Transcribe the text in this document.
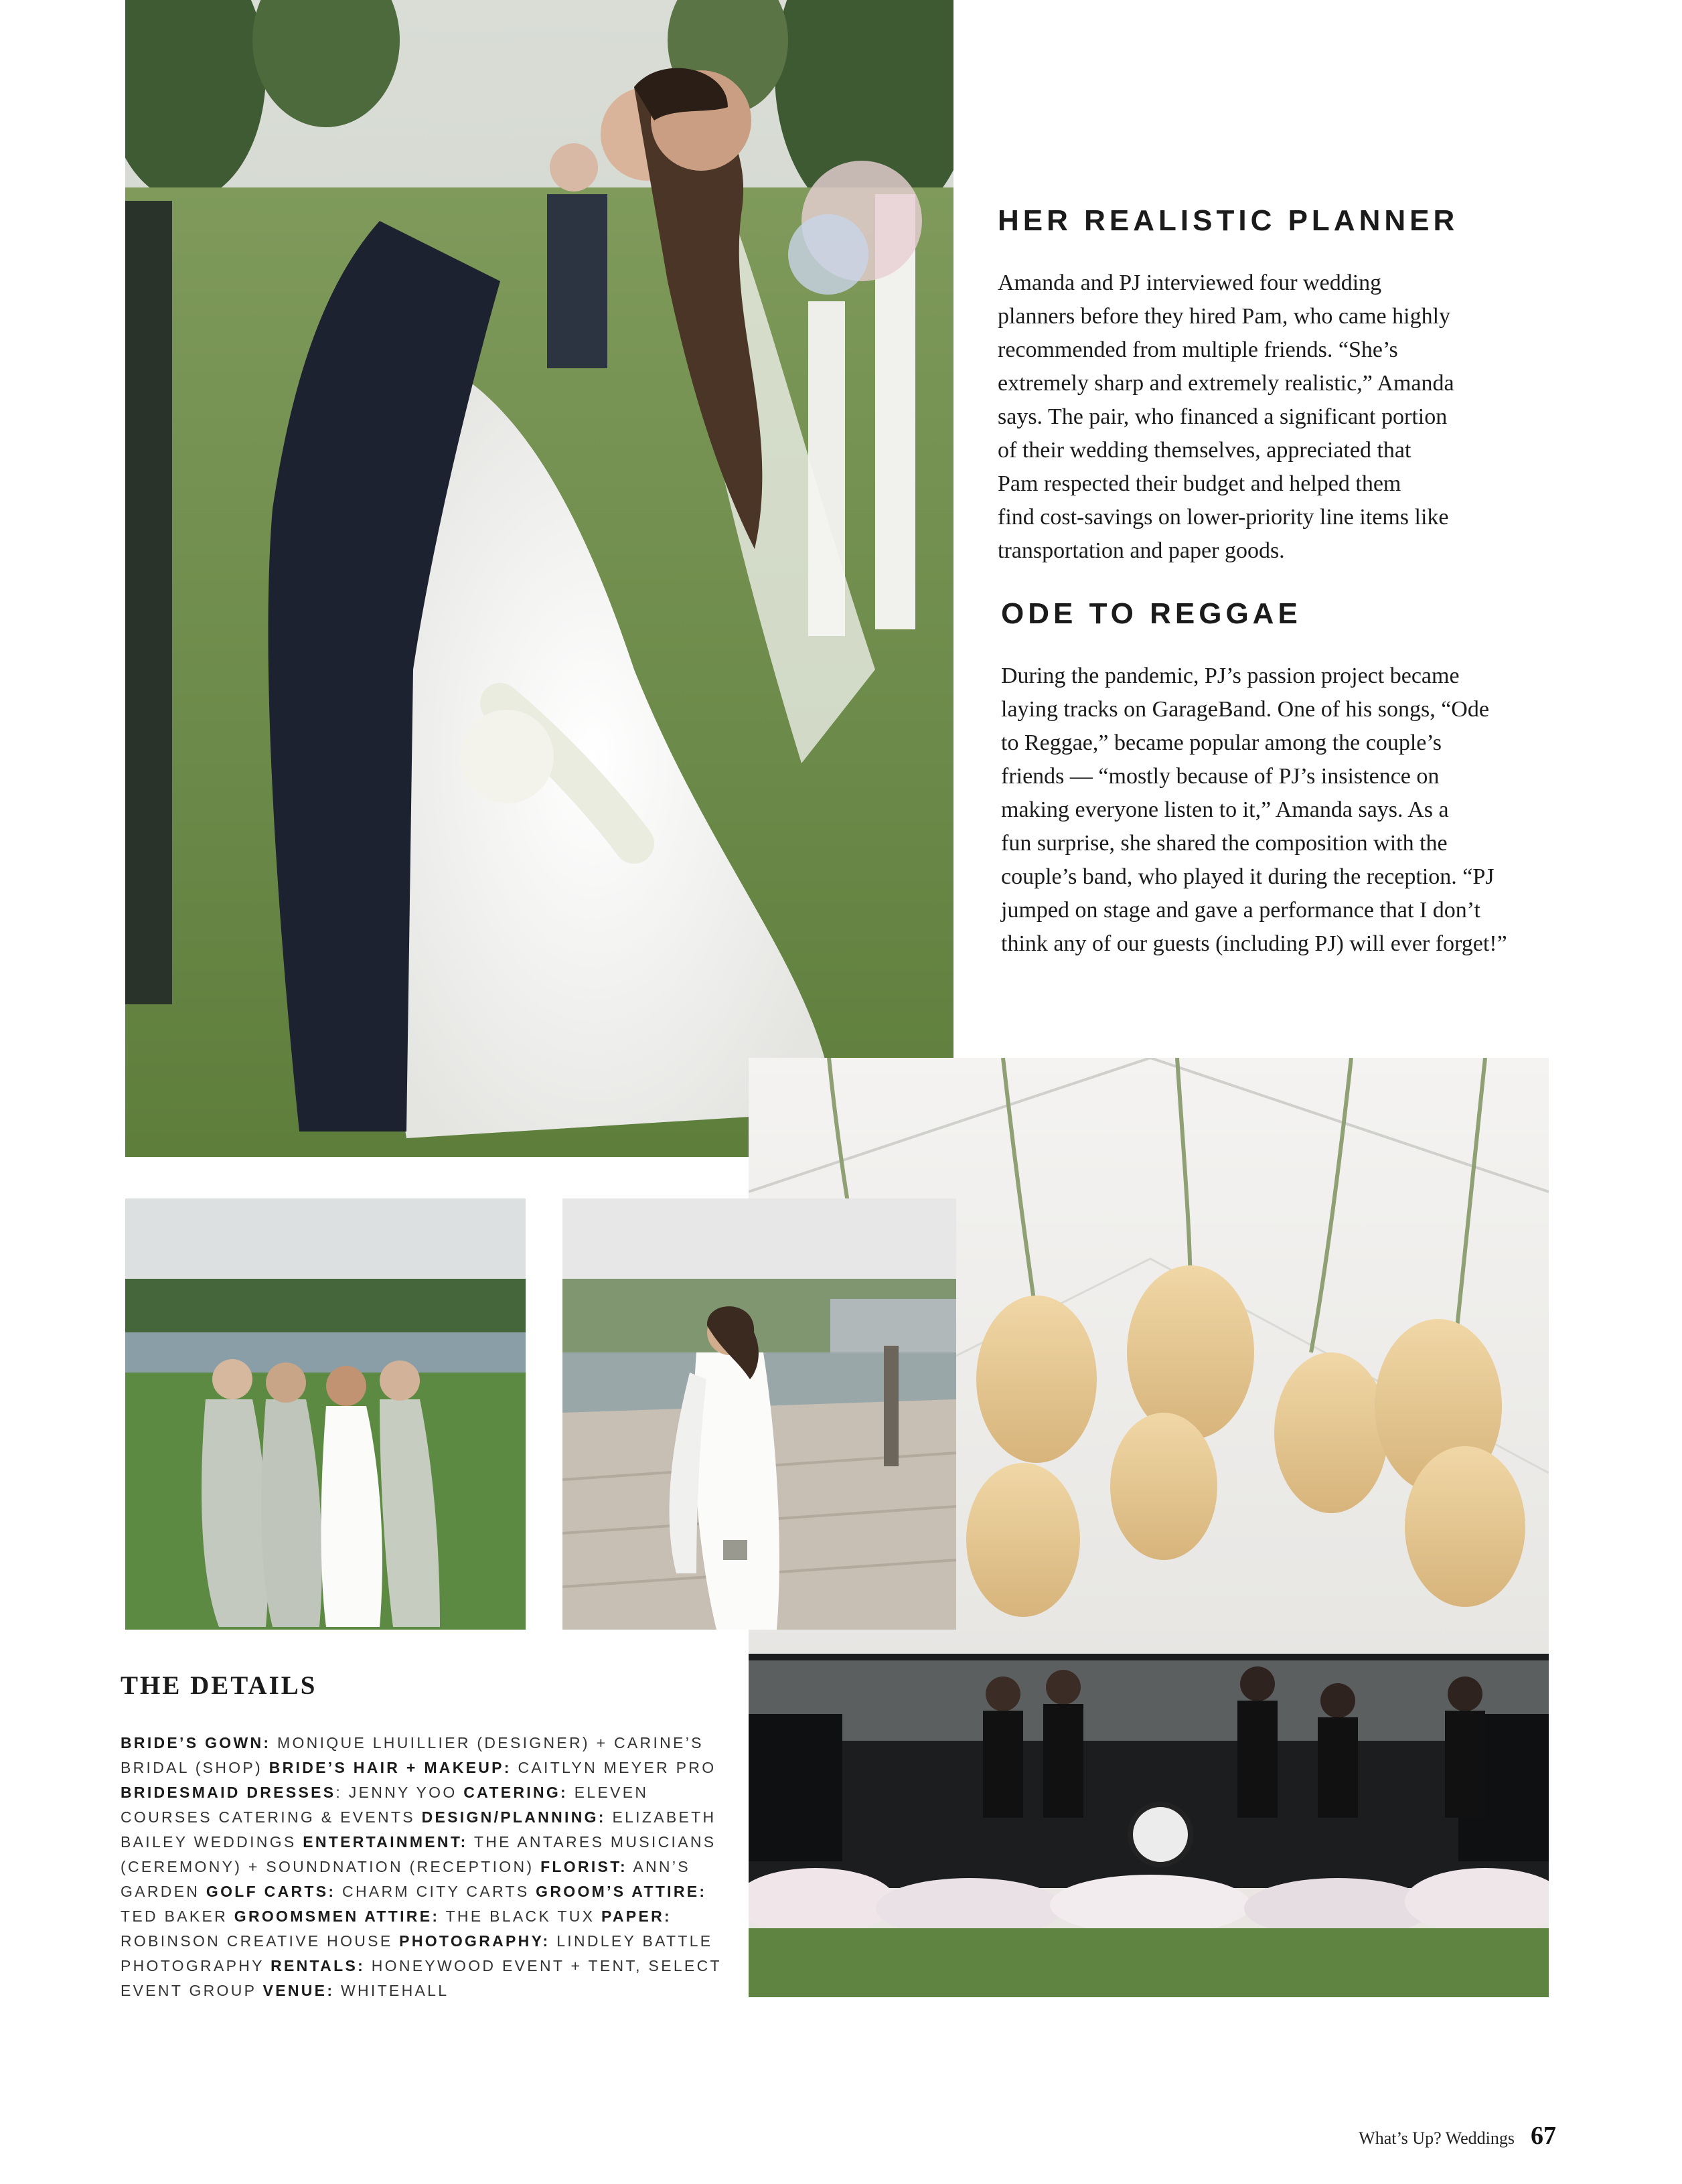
HER REALISTIC PLANNER

Amanda and PJ interviewed four wedding
planners before they hired Pam, who came highly
recommended from multiple friends. “She’s
extremely sharp and extremely realistic,” Amanda
says. The pair, who financed a significant portion
of their wedding themselves, appreciated that
Pam respected their budget and helped them
find cost-savings on lower-priority line items like
transportation and paper goods.

ODE TO REGGAE

During the pandemic, PJ’s passion project became
laying tracks on GarageBand. One of his songs, “Ode
to Reggae,” became popular among the couple’s
friends — “mostly because of PJ’s insistence on
making everyone listen to it,” Amanda says. As a
fun surprise, she shared the composition with the
couple’s band, who played it during the reception. “PJ
jumped on stage and gave a performance that I don’t
think any of our guests (including PJ) will ever forget!”

THE DETAILS
BRIDE’S GOWN: MONIQUE LHUILLIER (DESIGNER) + CARINE’S BRIDAL (SHOP) BRIDE’S HAIR + MAKEUP: CAITLYN MEYER PRO BRIDESMAID DRESSES: JENNY YOO CATERING: ELEVEN COURSES CATERING & EVENTS DESIGN/PLANNING: ELIZABETH BAILEY WEDDINGS ENTERTAINMENT: THE ANTARES MUSICIANS (CEREMONY) + SOUNDNATION (RECEPTION) FLORIST: ANN’S GARDEN GOLF CARTS: CHARM CITY CARTS GROOM’S ATTIRE: TED BAKER GROOMSMEN ATTIRE: THE BLACK TUX PAPER: ROBINSON CREATIVE HOUSE PHOTOGRAPHY: LINDLEY BATTLE PHOTOGRAPHY RENTALS: HONEYWOOD EVENT + TENT, SELECT EVENT GROUP VENUE: WHITEHALL
What’s Up? Weddings 67
